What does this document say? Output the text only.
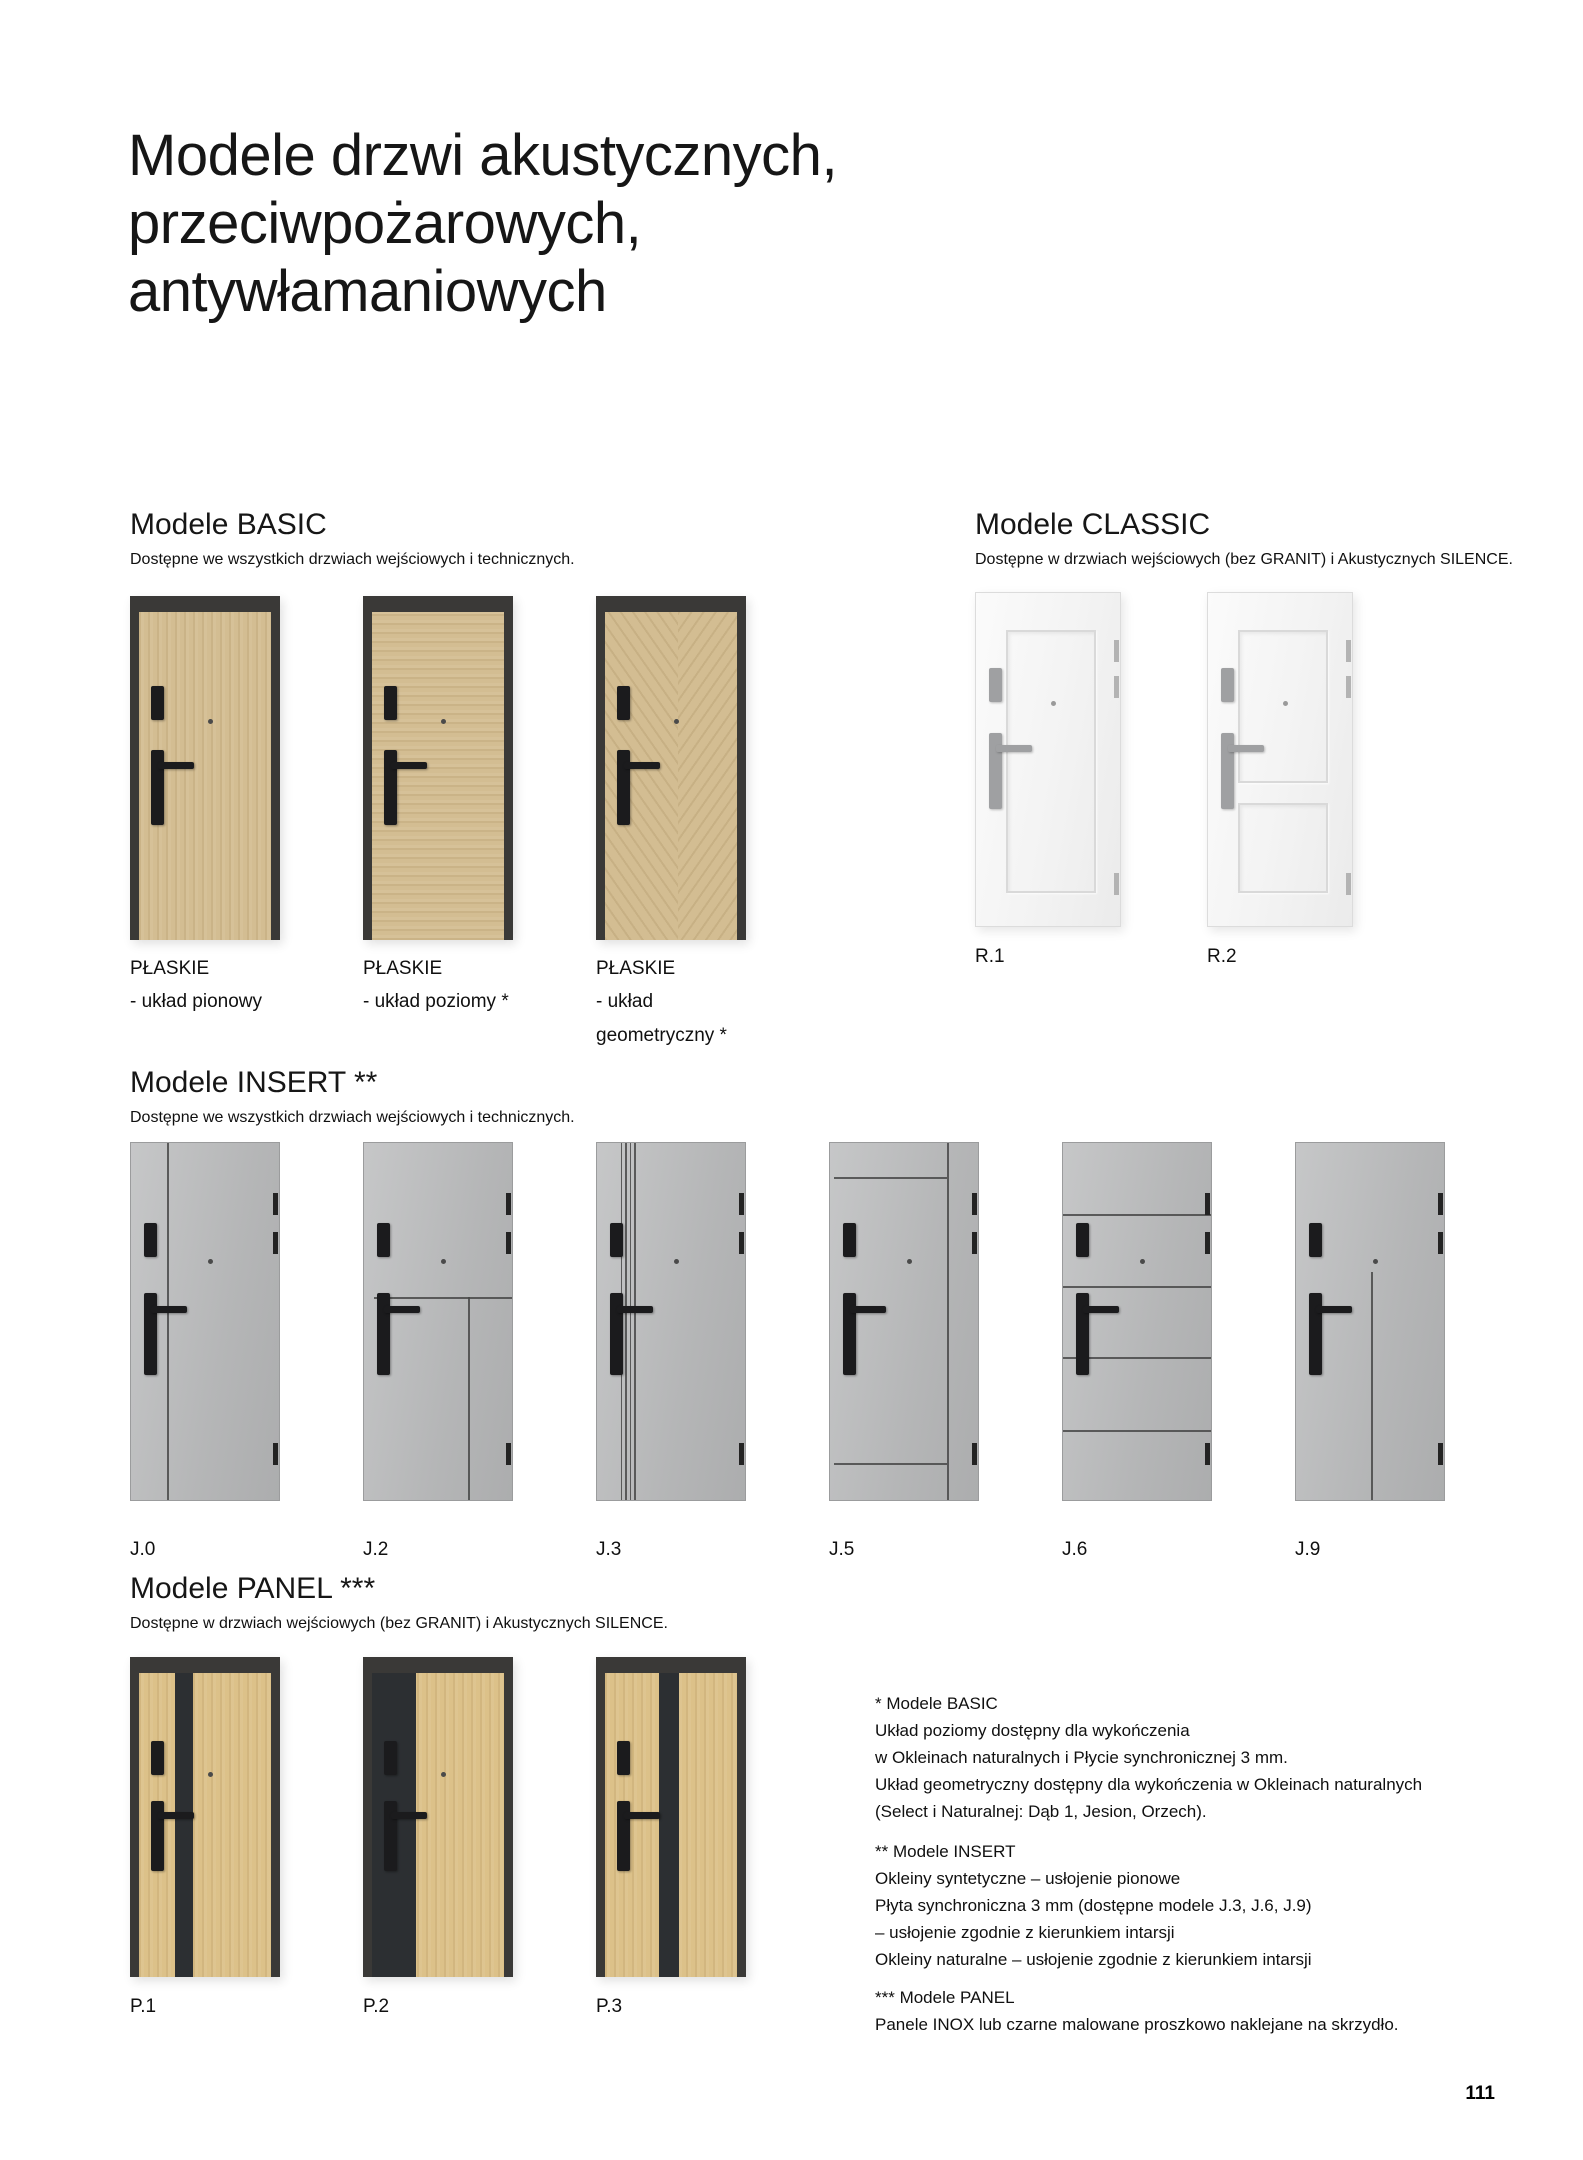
Modele drzwi akustycznych,
przeciwpożarowych,
antywłamaniowych
Modele BASIC
Dostępne we wszystkich drzwiach wejściowych i technicznych.
Modele CLASSIC
Dostępne w drzwiach wejściowych (bez GRANIT) i Akustycznych SILENCE.
PŁASKIE
- układ pionowy
PŁASKIE
- układ poziomy *
PŁASKIE
- układ geometryczny *
R.1	R.2
Modele INSERT **
Dostępne we wszystkich drzwiach wejściowych i technicznych.
J.0	J.2	J.3	J.5	J.6	J.9
Modele PANEL ***
Dostępne w drzwiach wejściowych (bez GRANIT) i Akustycznych SILENCE.
P.1	P.2	P.3
* Modele BASIC
Układ poziomy dostępny dla wykończenia
w Okleinach naturalnych i Płycie synchronicznej 3 mm.
Układ geometryczny dostępny dla wykończenia w Okleinach naturalnych
(Select i Naturalnej: Dąb 1, Jesion, Orzech).
** Modele INSERT
Okleiny syntetyczne – usłojenie pionowe
Płyta synchroniczna 3 mm (dostępne modele J.3, J.6, J.9)
– usłojenie zgodnie z kierunkiem intarsji
Okleiny naturalne – usłojenie zgodnie z kierunkiem intarsji
*** Modele PANEL
Panele INOX lub czarne malowane proszkowo naklejane na skrzydło.
111
